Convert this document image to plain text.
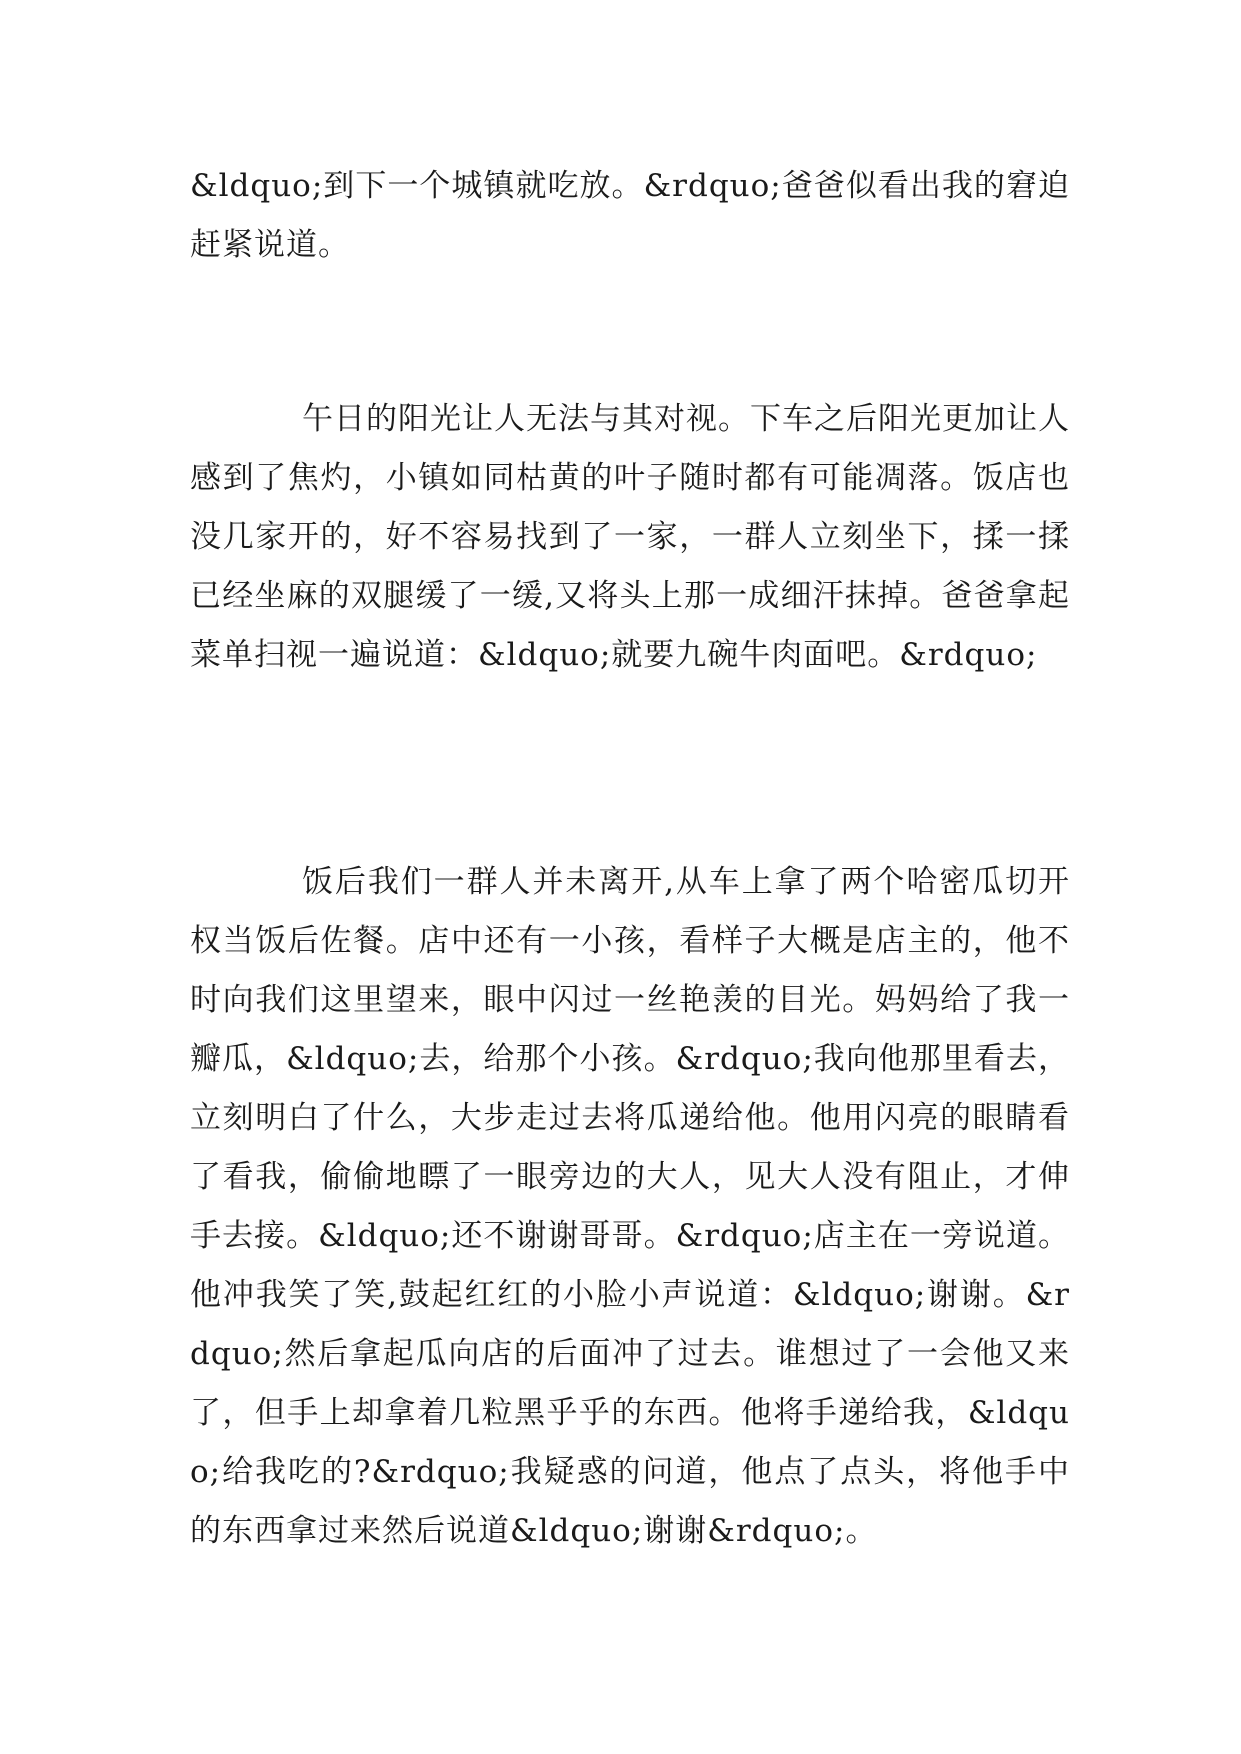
&ldquo;到下一个城镇就吃放。&rdquo;爸爸似看出我的窘迫赶紧说道。

午日的阳光让人无法与其对视。下车之后阳光更加让人感到了焦灼，小镇如同枯黄的叶子随时都有可能凋落。饭店也没几家开的，好不容易找到了一家，一群人立刻坐下，揉一揉已经坐麻的双腿缓了一缓,又将头上那一成细汗抹掉。爸爸拿起菜单扫视一遍说道：&ldquo;就要九碗牛肉面吧。&rdquo;

饭后我们一群人并未离开,从车上拿了两个哈密瓜切开权当饭后佐餐。店中还有一小孩，看样子大概是店主的，他不时向我们这里望来，眼中闪过一丝艳羡的目光。妈妈给了我一瓣瓜，&ldquo;去，给那个小孩。&rdquo;我向他那里看去，立刻明白了什么，大步走过去将瓜递给他。他用闪亮的眼睛看了看我，偷偷地瞟了一眼旁边的大人，见大人没有阻止，才伸手去接。&ldquo;还不谢谢哥哥。&rdquo;店主在一旁说道。他冲我笑了笑,鼓起红红的小脸小声说道：&ldquo;谢谢。&rdquo;然后拿起瓜向店的后面冲了过去。谁想过了一会他又来了，但手上却拿着几粒黑乎乎的东西。他将手递给我，&ldquo;给我吃的?&rdquo;我疑惑的问道，他点了点头，将他手中的东西拿过来然后说道&ldquo;谢谢&rdquo;。
